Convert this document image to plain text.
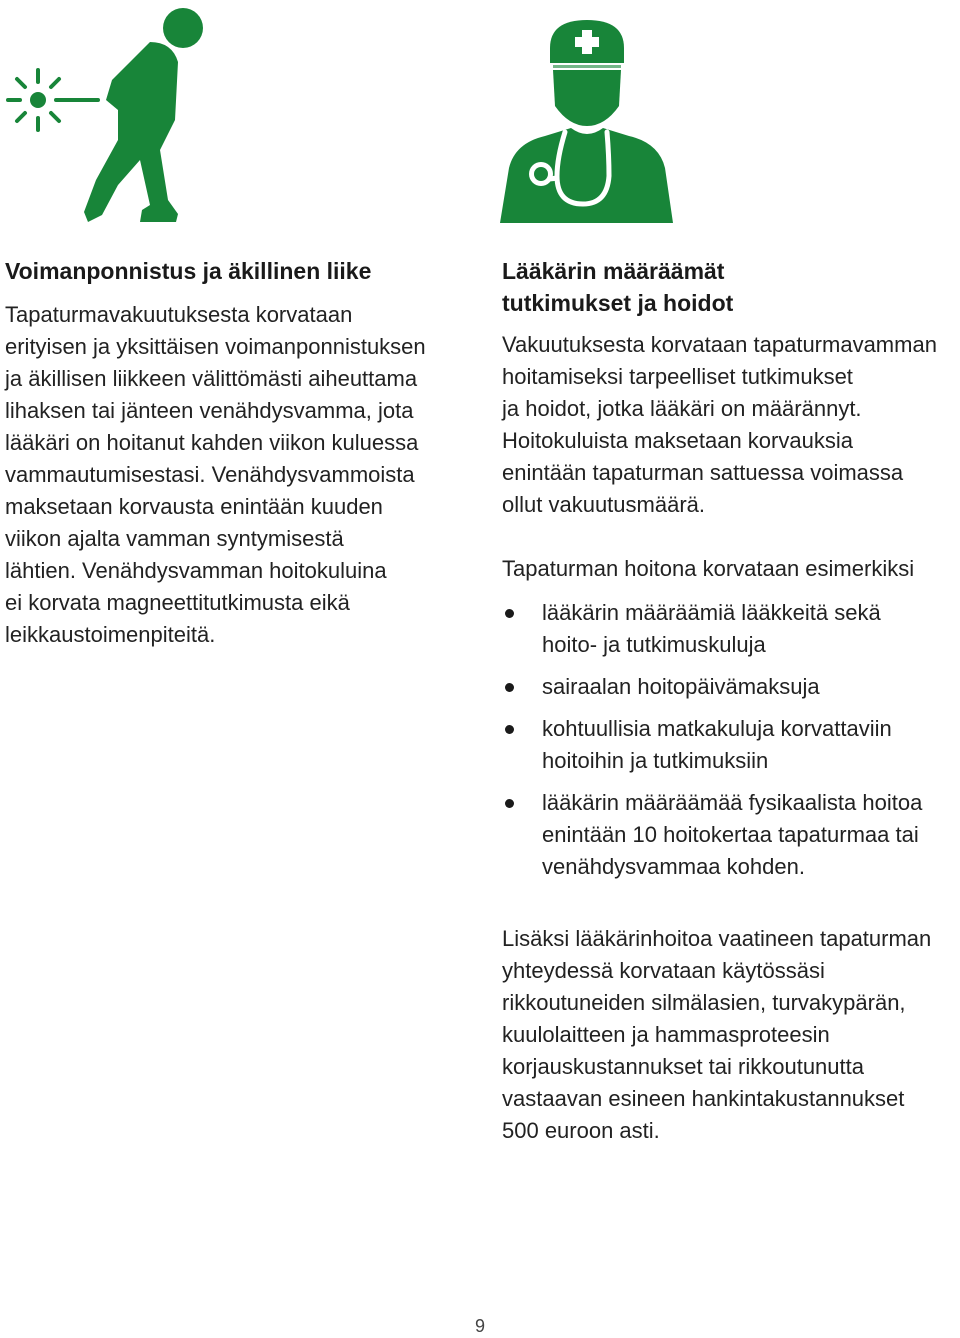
Voimanponnistus ja äkillinen liike

Tapaturmavakuutuksesta korvataan
erityisen ja yksittäisen voimanponnistuksen
ja äkillisen liikkeen välittömästi aiheuttama
lihaksen tai jänteen venähdysvamma, jota
lääkäri on hoitanut kahden viikon kuluessa
vammautumisestasi. Venähdysvammoista
maksetaan korvausta enintään kuuden
viikon ajalta vamman syntymisestä
lähtien. Venähdysvamman hoitokuluina
ei korvata magneettitutkimusta eikä
leikkaustoimenpiteitä.

Lääkärin määräämät
tutkimukset ja hoidot

Vakuutuksesta korvataan tapaturmavamman
hoitamiseksi tarpeelliset tutkimukset
ja hoidot, jotka lääkäri on määrännyt.
Hoitokuluista maksetaan korvauksia
enintään tapaturman sattuessa voimassa
ollut vakuutusmäärä.

Tapaturman hoitona korvataan esimerkiksi

lääkärin määräämiä lääkkeitä sekä
hoito- ja tutkimuskuluja
sairaalan hoitopäivämaksuja
kohtuullisia matkakuluja korvattaviin
hoitoihin ja tutkimuksiin
lääkärin määräämää fysikaalista hoitoa
enintään 10 hoitokertaa tapaturmaa tai
venähdysvammaa kohden.

Lisäksi lääkärinhoitoa vaatineen tapaturman
yhteydessä korvataan käytössäsi
rikkoutuneiden silmälasien, turvakypärän,
kuulolaitteen ja hammasproteesin
korjauskustannukset tai rikkoutunutta
vastaavan esineen hankintakustannukset
500 euroon asti.

9
